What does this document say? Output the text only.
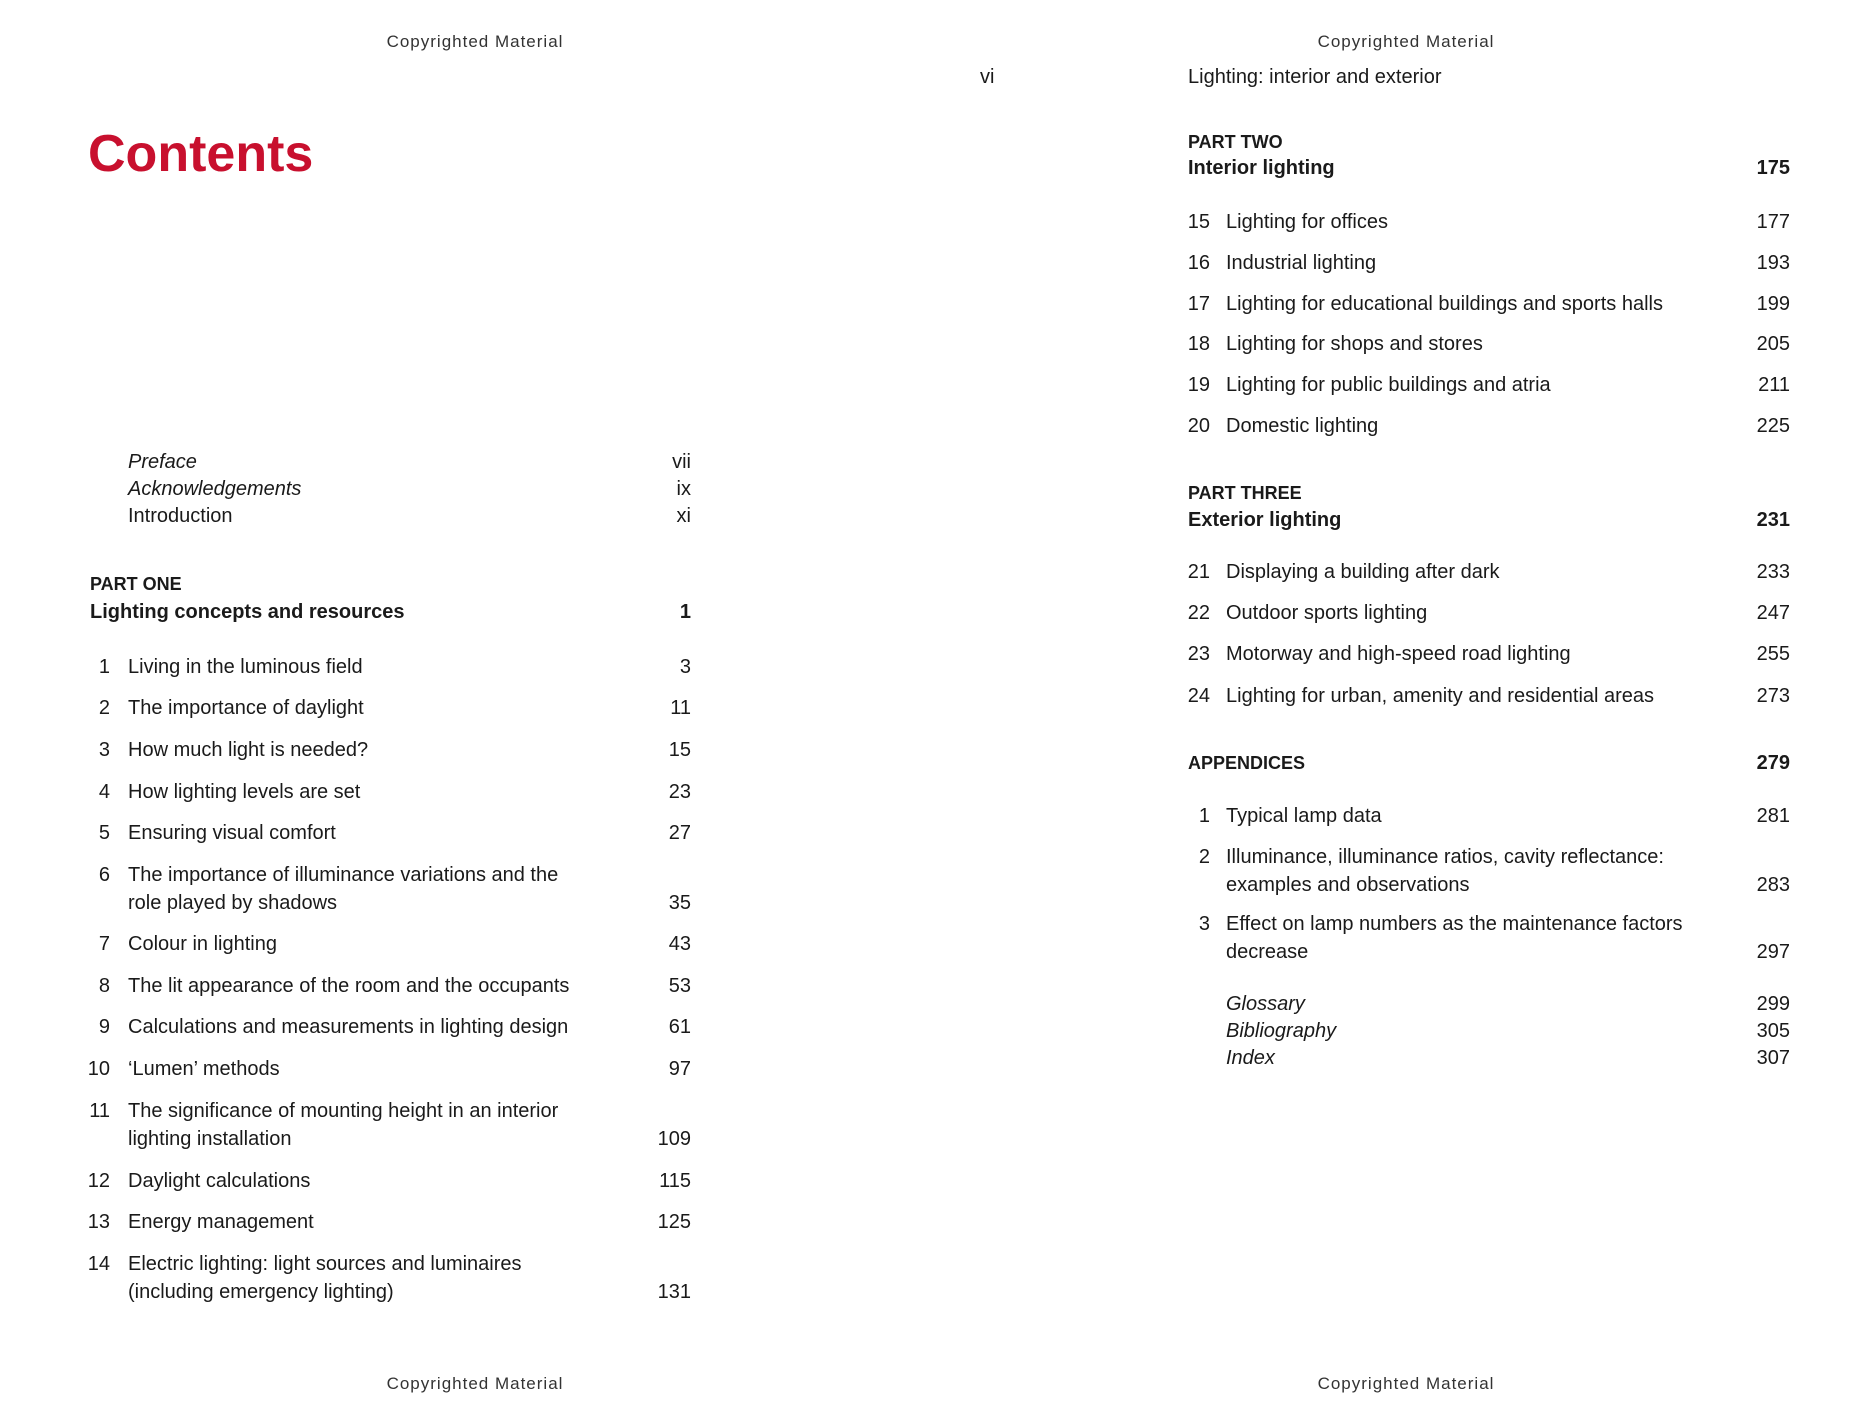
Copyrighted Material
Contents
Preface	vii
Acknowledgements	ix
Introduction	xi
PART ONE
Lighting concepts and resources	1
1 Living in the luminous field	3
2 The importance of daylight	11
3 How much light is needed?	15
4 How lighting levels are set	23
5 Ensuring visual comfort	27
6 The importance of illuminance variations and the
role played by shadows	35
7 Colour in lighting	43
8 The lit appearance of the room and the occupants	53
9 Calculations and measurements in lighting design	61
10 ‘Lumen’ methods	97
11 The significance of mounting height in an interior
lighting installation	109
12 Daylight calculations	115
13 Energy management	125
14 Electric lighting: light sources and luminaires
(including emergency lighting)	131
Copyrighted Material
Copyrighted Material
vi	Lighting: interior and exterior
PART TWO
Interior lighting	175
15 Lighting for offices	177
16 Industrial lighting	193
17 Lighting for educational buildings and sports halls	199
18 Lighting for shops and stores	205
19 Lighting for public buildings and atria	211
20 Domestic lighting	225
PART THREE
Exterior lighting	231
21 Displaying a building after dark	233
22 Outdoor sports lighting	247
23 Motorway and high-speed road lighting	255
24 Lighting for urban, amenity and residential areas	273
APPENDICES	279
1 Typical lamp data	281
2 Illuminance, illuminance ratios, cavity reflectance:
examples and observations	283
3 Effect on lamp numbers as the maintenance factors
decrease	297
Glossary	299
Bibliography	305
Index	307
Copyrighted Material
